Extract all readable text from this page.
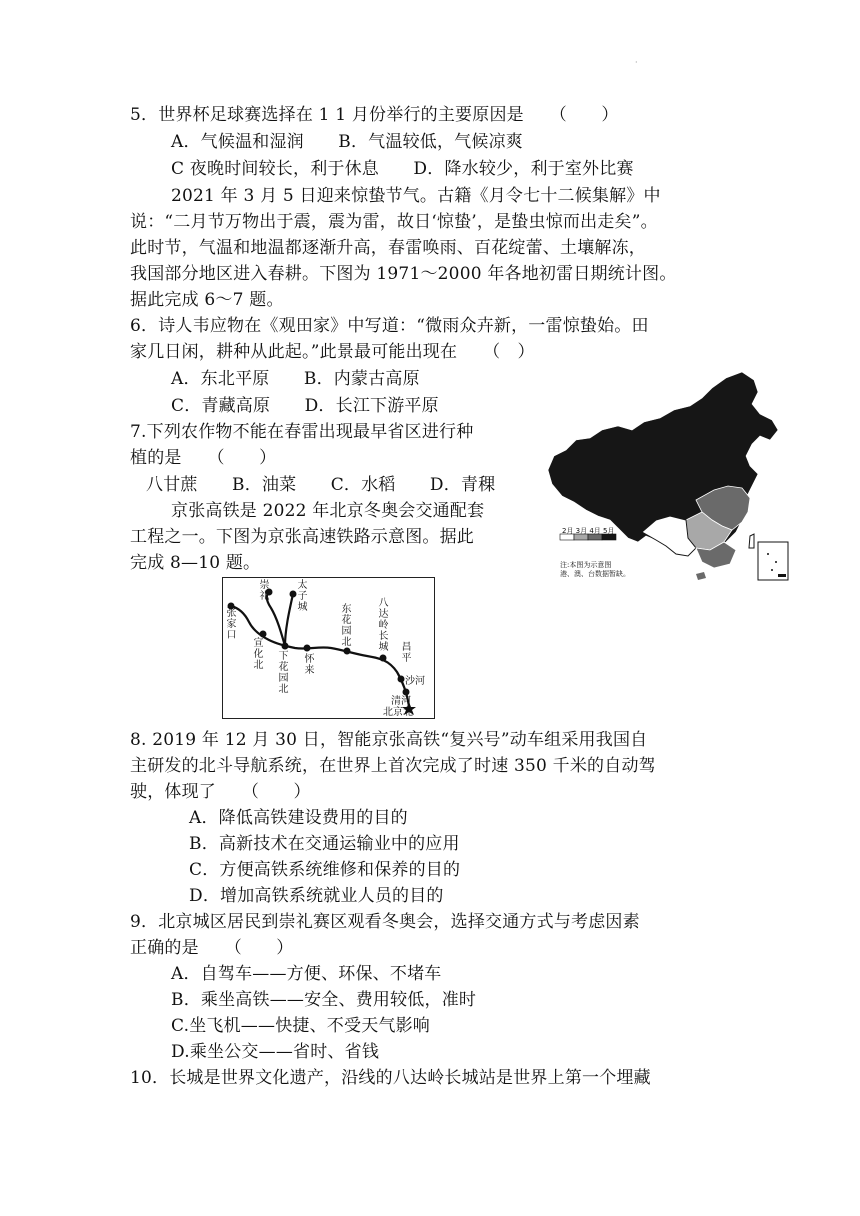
·
5．世界杯足球赛选择在 1 1 月份举行的主要原因是　　（　　）
A．气候温和湿润　　B．气温较低，气候凉爽
C 夜晚时间较长，利于休息　　D．降水较少，利于室外比赛
2021 年 3 月 5 日迎来惊蛰节气。古籍《月令七十二候集解》中
说：“二月节万物出于震，震为雷，故日‘惊蛰’，是蛰虫惊而出走矣”。
此时节，气温和地温都逐渐升高，春雷唤雨、百花绽蕾、土壤解冻，
我国部分地区进入春耕。下图为 1971～2000 年各地初雷日期统计图。
据此完成 6～7 题。
6．诗人韦应物在《观田家》中写道：“微雨众卉新，一雷惊蛰始。田
家几日闲，耕种从此起。”此景最可能出现在　　（　）
A．东北平原　　B．内蒙古高原
C．青藏高原　　D．长江下游平原
7.下列农作物不能在春雷出现最早省区进行种
植的是　　（　　）
八甘蔗　　B．油菜　　C．水稻　　D．青稞
京张高铁是 2022 年北京冬奥会交通配套
工程之一。下图为京张高速铁路示意图。据此
完成 8—10 题。
8. 2019 年 12 月 30 日，智能京张高铁“复兴号”动车组采用我国自
主研发的北斗导航系统，在世界上首次完成了时速 350 千米的自动驾
驶，体现了　　（　　）
A．降低高铁建设费用的目的
B．高新技术在交通运输业中的应用
C．方便高铁系统维修和保养的目的
D．增加高铁系统就业人员的目的
9．北京城区居民到崇礼赛区观看冬奥会，选择交通方式与考虑因素
正确的是　　（　　）
A．自驾车——方便、环保、不堵车
B．乘坐高铁——安全、费用较低，准时
C.坐飞机——快捷、不受天气影响
D.乘坐公交——省时、省钱
10．长城是世界文化遗产，沿线的八达岭长城站是世界上第一个埋藏
2月 3月 4月 5月
注:本图为示意图
港、澳、台数据暂缺。
张家口
崇礼
太子城
宣化北
下花园北
怀来
东花园北
八达岭长城 昌平
沙河
清河
北京北
